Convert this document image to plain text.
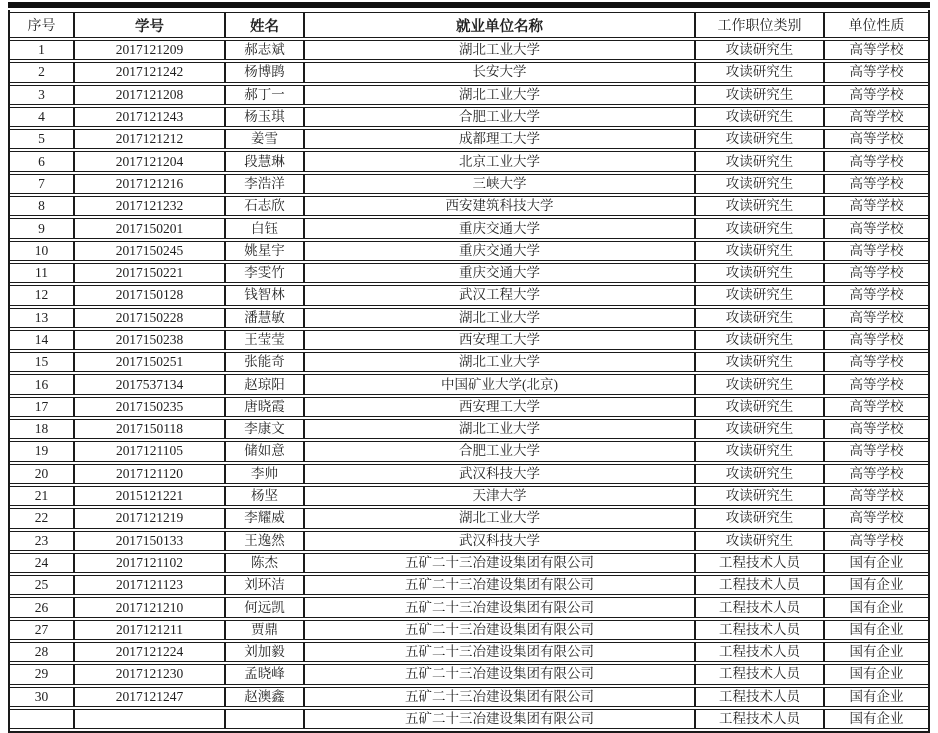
序号	学号	姓名	就业单位名称	工作职位类别	单位性质
1	2017121209	郝志斌	湖北工业大学	攻读研究生	高等学校
2	2017121242	杨博鹍	长安大学	攻读研究生	高等学校
3	2017121208	郝丁一	湖北工业大学	攻读研究生	高等学校
4	2017121243	杨玉琪	合肥工业大学	攻读研究生	高等学校
5	2017121212	姜雪	成都理工大学	攻读研究生	高等学校
6	2017121204	段慧琳	北京工业大学	攻读研究生	高等学校
7	2017121216	李浩洋	三峡大学	攻读研究生	高等学校
8	2017121232	石志欣	西安建筑科技大学	攻读研究生	高等学校
9	2017150201	白钰	重庆交通大学	攻读研究生	高等学校
10	2017150245	姚星宇	重庆交通大学	攻读研究生	高等学校
11	2017150221	李雯竹	重庆交通大学	攻读研究生	高等学校
12	2017150128	钱智林	武汉工程大学	攻读研究生	高等学校
13	2017150228	潘慧敏	湖北工业大学	攻读研究生	高等学校
14	2017150238	王莹莹	西安理工大学	攻读研究生	高等学校
15	2017150251	张能奇	湖北工业大学	攻读研究生	高等学校
16	2017537134	赵琼阳	中国矿业大学(北京)	攻读研究生	高等学校
17	2017150235	唐晓霞	西安理工大学	攻读研究生	高等学校
18	2017150118	李康文	湖北工业大学	攻读研究生	高等学校
19	2017121105	储如意	合肥工业大学	攻读研究生	高等学校
20	2017121120	李帅	武汉科技大学	攻读研究生	高等学校
21	2015121221	杨坚	天津大学	攻读研究生	高等学校
22	2017121219	李耀威	湖北工业大学	攻读研究生	高等学校
23	2017150133	王逸然	武汉科技大学	攻读研究生	高等学校
24	2017121102	陈杰	五矿二十三冶建设集团有限公司	工程技术人员	国有企业
25	2017121123	刘环洁	五矿二十三冶建设集团有限公司	工程技术人员	国有企业
26	2017121210	何远凯	五矿二十三冶建设集团有限公司	工程技术人员	国有企业
27	2017121211	贾鼎	五矿二十三冶建设集团有限公司	工程技术人员	国有企业
28	2017121224	刘加毅	五矿二十三冶建设集团有限公司	工程技术人员	国有企业
29	2017121230	孟晓峰	五矿二十三冶建设集团有限公司	工程技术人员	国有企业
30	2017121247	赵澳鑫	五矿二十三冶建设集团有限公司	工程技术人员	国有企业
			五矿二十三冶建设集团有限公司	工程技术人员	国有企业
